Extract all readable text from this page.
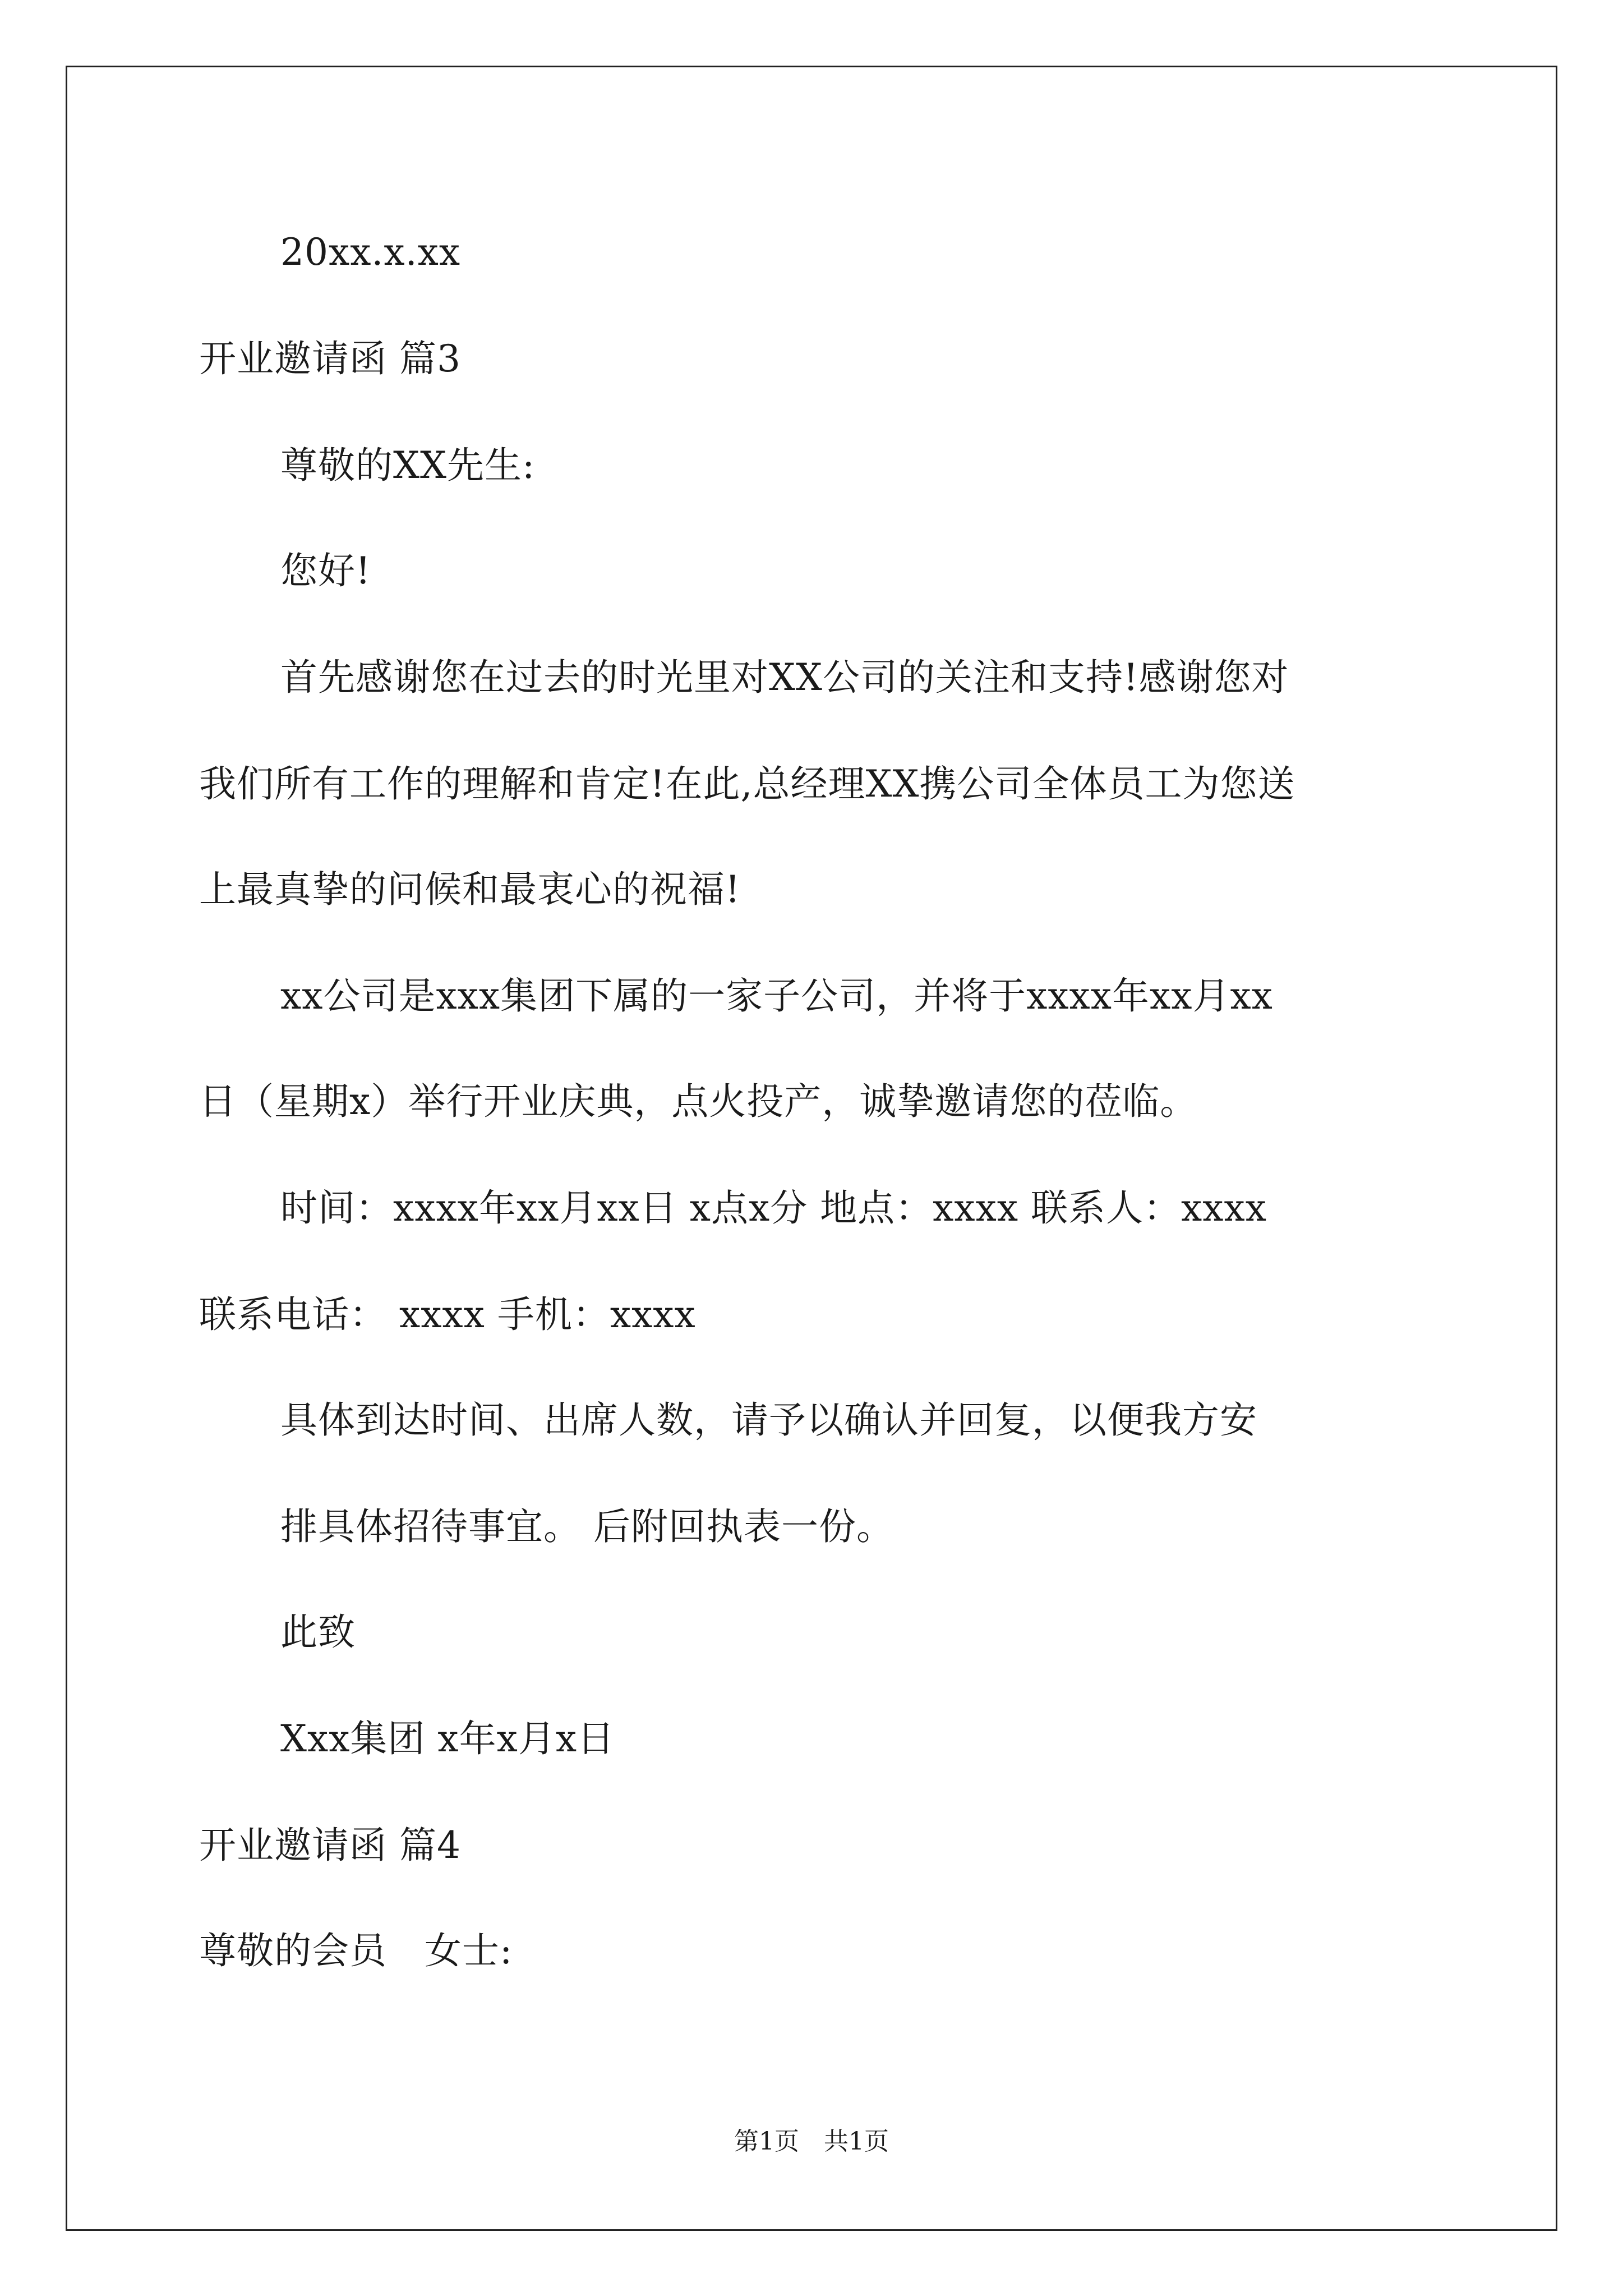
20xx.x.xx
开业邀请函 篇3
尊敬的XX先生:
您好!
首先感谢您在过去的时光里对XX公司的关注和支持!感谢您对
我们所有工作的理解和肯定!在此,总经理XX携公司全体员工为您送
上最真挚的问候和最衷心的祝福!
xx公司是xxx集团下属的一家子公司，并将于xxxx年xx月xx
日（星期x）举行开业庆典，点火投产，诚挚邀请您的莅临。
时间：xxxx年xx月xx日 x点x分 地点：xxxx 联系人：xxxx
联系电话： xxxx 手机：xxxx
具体到达时间、出席人数，请予以确认并回复，以便我方安
排具体招待事宜。 后附回执表一份。
此致
Xxx集团 x年x月x日
开业邀请函 篇4
尊敬的会员　女士:
第1页　共1页
